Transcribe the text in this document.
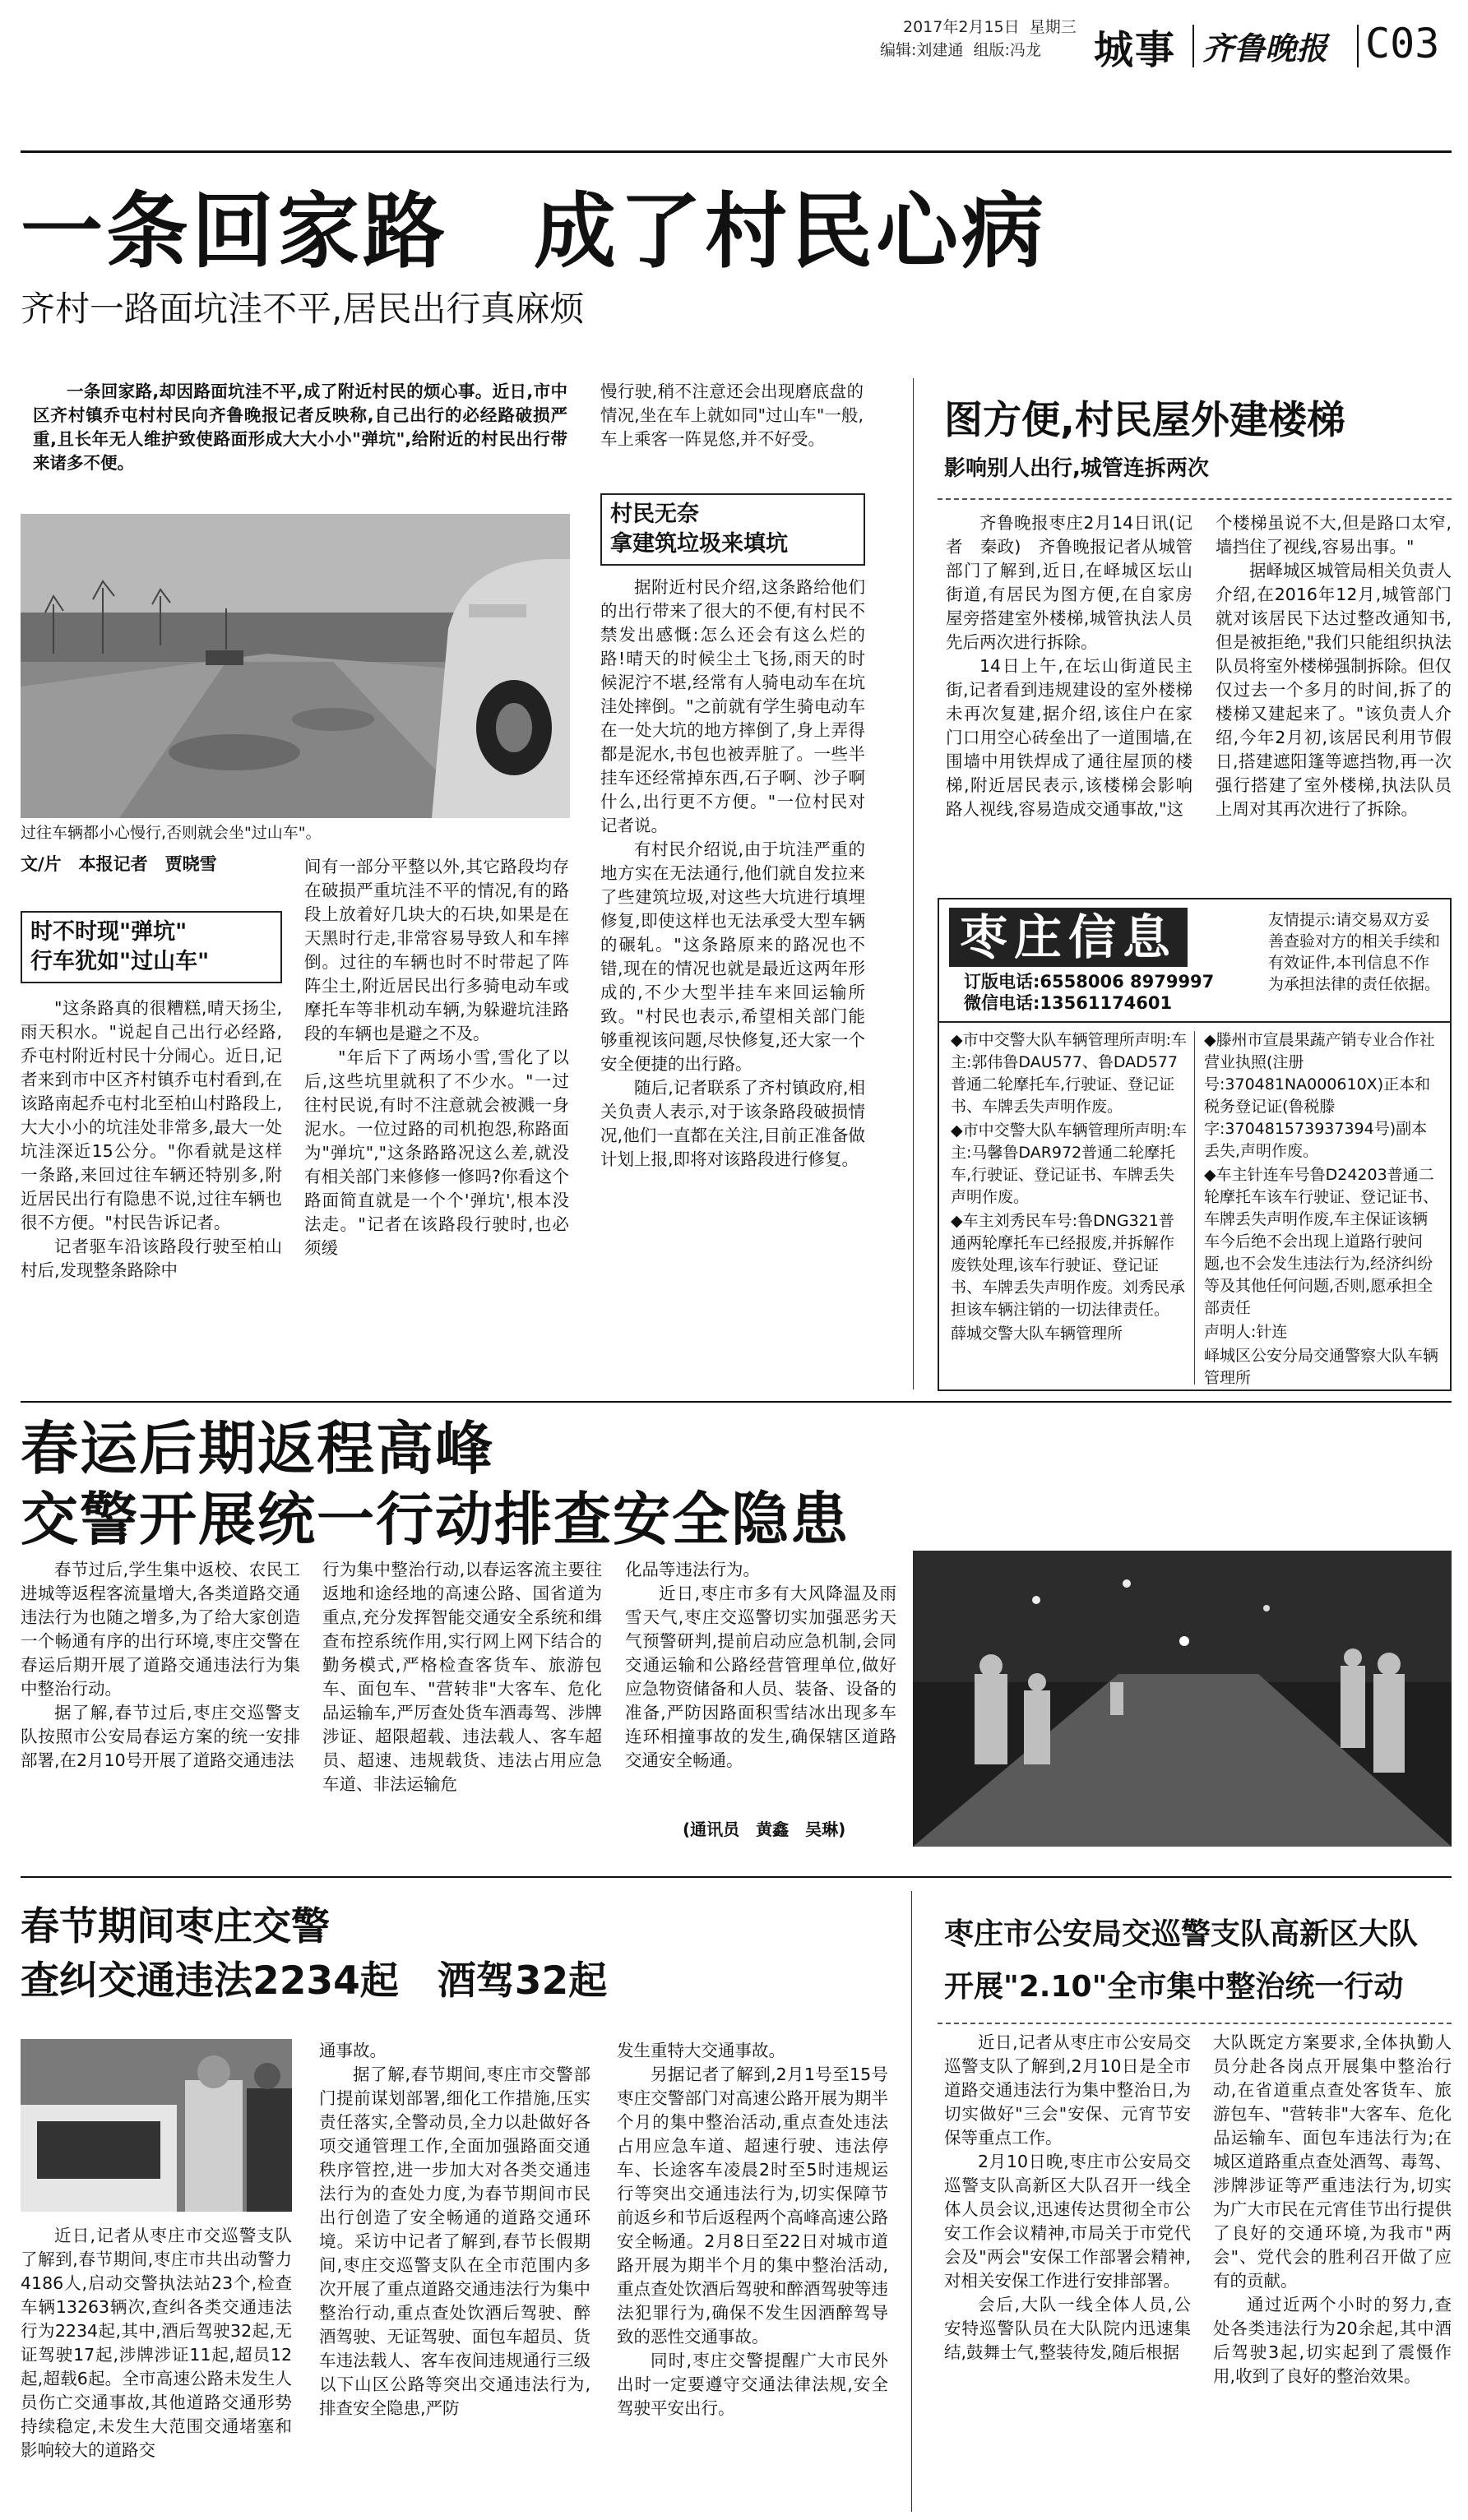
2017年2月15日 星期三
编辑:刘建通 组版:冯龙 城事 齐鲁晚报 C03
一条回家路　成了村民心病
齐村一路面坑洼不平,居民出行真麻烦

一条回家路,却因路面坑洼不平,成了附近村民的烦心事。近日,市中区齐村镇乔屯村村民向齐鲁晚报记者反映称,自己出行的必经路破损严重,且长年无人维护致使路面形成大大小小"弹坑",给附近的村民出行带来诸多不便。

过往车辆都小心慢行,否则就会坐"过山车"。
文/片　本报记者　贾晓雪
时不时现"弹坑"
行车犹如"过山车"

"这条路真的很糟糕,晴天扬尘,雨天积水。"说起自己出行必经路,乔屯村附近村民十分闹心。近日,记者来到市中区齐村镇乔屯村看到,在该路南起乔屯村北至柏山村路段上,大大小小的坑洼处非常多,最大一处坑洼深近15公分。"你看就是这样一条路,来回过往车辆还特别多,附近居民出行有隐患不说,过往车辆也很不方便。"村民告诉记者。

记者驱车沿该路段行驶至柏山村后,发现整条路除中

间有一部分平整以外,其它路段均存在破损严重坑洼不平的情况,有的路段上放着好几块大的石块,如果是在天黑时行走,非常容易导致人和车摔倒。过往的车辆也时不时带起了阵阵尘土,附近居民出行多骑电动车或摩托车等非机动车辆,为躲避坑洼路段的车辆也是避之不及。

"年后下了两场小雪,雪化了以后,这些坑里就积了不少水。"一过往村民说,有时不注意就会被溅一身泥水。一位过路的司机抱怨,称路面为"弹坑","这条路路况这么差,就没有相关部门来修修一修吗?你看这个路面简直就是一个个'弹坑',根本没法走。"记者在该路段行驶时,也必须缓

慢行驶,稍不注意还会出现磨底盘的情况,坐在车上就如同"过山车"一般,车上乘客一阵晃悠,并不好受。

村民无奈
拿建筑垃圾来填坑

据附近村民介绍,这条路给他们的出行带来了很大的不便,有村民不禁发出感慨:怎么还会有这么烂的路!晴天的时候尘土飞扬,雨天的时候泥泞不堪,经常有人骑电动车在坑洼处摔倒。"之前就有学生骑电动车在一处大坑的地方摔倒了,身上弄得都是泥水,书包也被弄脏了。一些半挂车还经常掉东西,石子啊、沙子啊什么,出行更不方便。"一位村民对记者说。

有村民介绍说,由于坑洼严重的地方实在无法通行,他们就自发拉来了些建筑垃圾,对这些大坑进行填埋修复,即使这样也无法承受大型车辆的碾轧。"这条路原来的路况也不错,现在的情况也就是最近这两年形成的,不少大型半挂车来回运输所致。"村民也表示,希望相关部门能够重视该问题,尽快修复,还大家一个安全便捷的出行路。

随后,记者联系了齐村镇政府,相关负责人表示,对于该条路段破损情况,他们一直都在关注,目前正准备做计划上报,即将对该路段进行修复。

图方便,村民屋外建楼梯
影响别人出行,城管连拆两次

齐鲁晚报枣庄2月14日讯(记者　秦政)　齐鲁晚报记者从城管部门了解到,近日,在峄城区坛山街道,有居民为图方便,在自家房屋旁搭建室外楼梯,城管执法人员先后两次进行拆除。

14日上午,在坛山街道民主街,记者看到违规建设的室外楼梯未再次复建,据介绍,该住户在家门口用空心砖垒出了一道围墙,在围墙中用铁焊成了通往屋顶的楼梯,附近居民表示,该楼梯会影响路人视线,容易造成交通事故,"这

个楼梯虽说不大,但是路口太窄,墙挡住了视线,容易出事。"

据峄城区城管局相关负责人介绍,在2016年12月,城管部门就对该居民下达过整改通知书,但是被拒绝,"我们只能组织执法队员将室外楼梯强制拆除。但仅仅过去一个多月的时间,拆了的楼梯又建起来了。"该负责人介绍,今年2月初,该居民利用节假日,搭建遮阳篷等遮挡物,再一次强行搭建了室外楼梯,执法队员上周对其再次进行了拆除。

枣庄信息
订版电话:6558006 8979997
微信电话:13561174601
友情提示:请交易双方妥善查验对方的相关手续和有效证件,本刊信息不作为承担法律的责任依据。
◆市中交警大队车辆管理所声明:车主:郭伟鲁DAU577、鲁DAD577普通二轮摩托车,行驶证、登记证书、车牌丢失声明作废。
◆市中交警大队车辆管理所声明:车主:马馨鲁DAR972普通二轮摩托车,行驶证、登记证书、车牌丢失声明作废。
◆车主刘秀民车号:鲁DNG321普通两轮摩托车已经报废,并拆解作废铁处理,该车行驶证、登记证书、车牌丢失声明作废。刘秀民承担该车辆注销的一切法律责任。
薛城交警大队车辆管理所
◆滕州市宣晨果蔬产销专业合作社营业执照(注册号:370481NA000610X)正本和税务登记证(鲁税滕字:370481573937394号)副本丢失,声明作废。
◆车主针连车号鲁D24203普通二轮摩托车该车行驶证、登记证书、车牌丢失声明作废,车主保证该辆车今后绝不会出现上道路行驶问题,也不会发生违法行为,经济纠纷等及其他任何问题,否则,愿承担全部责任
声明人:针连
峄城区公安分局交通警察大队车辆管理所
春运后期返程高峰
交警开展统一行动排查安全隐患

春节过后,学生集中返校、农民工进城等返程客流量增大,各类道路交通违法行为也随之增多,为了给大家创造一个畅通有序的出行环境,枣庄交警在春运后期开展了道路交通违法行为集中整治行动。

据了解,春节过后,枣庄交巡警支队按照市公安局春运方案的统一安排部署,在2月10号开展了道路交通违法

行为集中整治行动,以春运客流主要往返地和途经地的高速公路、国省道为重点,充分发挥智能交通安全系统和缉查布控系统作用,实行网上网下结合的勤务模式,严格检查客货车、旅游包车、面包车、"营转非"大客车、危化品运输车,严厉查处货车酒毒驾、涉牌涉证、超限超载、违法载人、客车超员、超速、违规载货、违法占用应急车道、非法运输危

化品等违法行为。

近日,枣庄市多有大风降温及雨雪天气,枣庄交巡警切实加强恶劣天气预警研判,提前启动应急机制,会同交通运输和公路经营管理单位,做好应急物资储备和人员、装备、设备的准备,严防因路面积雪结冰出现多车连环相撞事故的发生,确保辖区道路交通安全畅通。

(通讯员　黄鑫　吴琳)
春节期间枣庄交警
查纠交通违法2234起　酒驾32起

近日,记者从枣庄市交巡警支队了解到,春节期间,枣庄市共出动警力4186人,启动交警执法站23个,检查车辆13263辆次,查纠各类交通违法行为2234起,其中,酒后驾驶32起,无证驾驶17起,涉牌涉证11起,超员12起,超载6起。全市高速公路未发生人员伤亡交通事故,其他道路交通形势持续稳定,未发生大范围交通堵塞和影响较大的道路交

通事故。

据了解,春节期间,枣庄市交警部门提前谋划部署,细化工作措施,压实责任落实,全警动员,全力以赴做好各项交通管理工作,全面加强路面交通秩序管控,进一步加大对各类交通违法行为的查处力度,为春节期间市民出行创造了安全畅通的道路交通环境。采访中记者了解到,春节长假期间,枣庄交巡警支队在全市范围内多次开展了重点道路交通违法行为集中整治行动,重点查处饮酒后驾驶、醉酒驾驶、无证驾驶、面包车超员、货车违法载人、客车夜间违规通行三级以下山区公路等突出交通违法行为,排查安全隐患,严防

发生重特大交通事故。

另据记者了解到,2月1号至15号枣庄交警部门对高速公路开展为期半个月的集中整治活动,重点查处违法占用应急车道、超速行驶、违法停车、长途客车凌晨2时至5时违规运行等突出交通违法行为,切实保障节前返乡和节后返程两个高峰高速公路安全畅通。2月8日至22日对城市道路开展为期半个月的集中整治活动,重点查处饮酒后驾驶和醉酒驾驶等违法犯罪行为,确保不发生因酒醉驾导致的恶性交通事故。

同时,枣庄交警提醒广大市民外出时一定要遵守交通法律法规,安全驾驶平安出行。

枣庄市公安局交巡警支队高新区大队
开展"2.10"全市集中整治统一行动

近日,记者从枣庄市公安局交巡警支队了解到,2月10日是全市道路交通违法行为集中整治日,为切实做好"三会"安保、元宵节安保等重点工作。

2月10日晚,枣庄市公安局交巡警支队高新区大队召开一线全体人员会议,迅速传达贯彻全市公安工作会议精神,市局关于市党代会及"两会"安保工作部署会精神,对相关安保工作进行安排部署。

会后,大队一线全体人员,公安特巡警队员在大队院内迅速集结,鼓舞士气,整装待发,随后根据

大队既定方案要求,全体执勤人员分赴各岗点开展集中整治行动,在省道重点查处客货车、旅游包车、"营转非"大客车、危化品运输车、面包车违法行为;在城区道路重点查处酒驾、毒驾、涉牌涉证等严重违法行为,切实为广大市民在元宵佳节出行提供了良好的交通环境,为我市"两会"、党代会的胜利召开做了应有的贡献。

通过近两个小时的努力,查处各类违法行为20余起,其中酒后驾驶3起,切实起到了震慑作用,收到了良好的整治效果。
